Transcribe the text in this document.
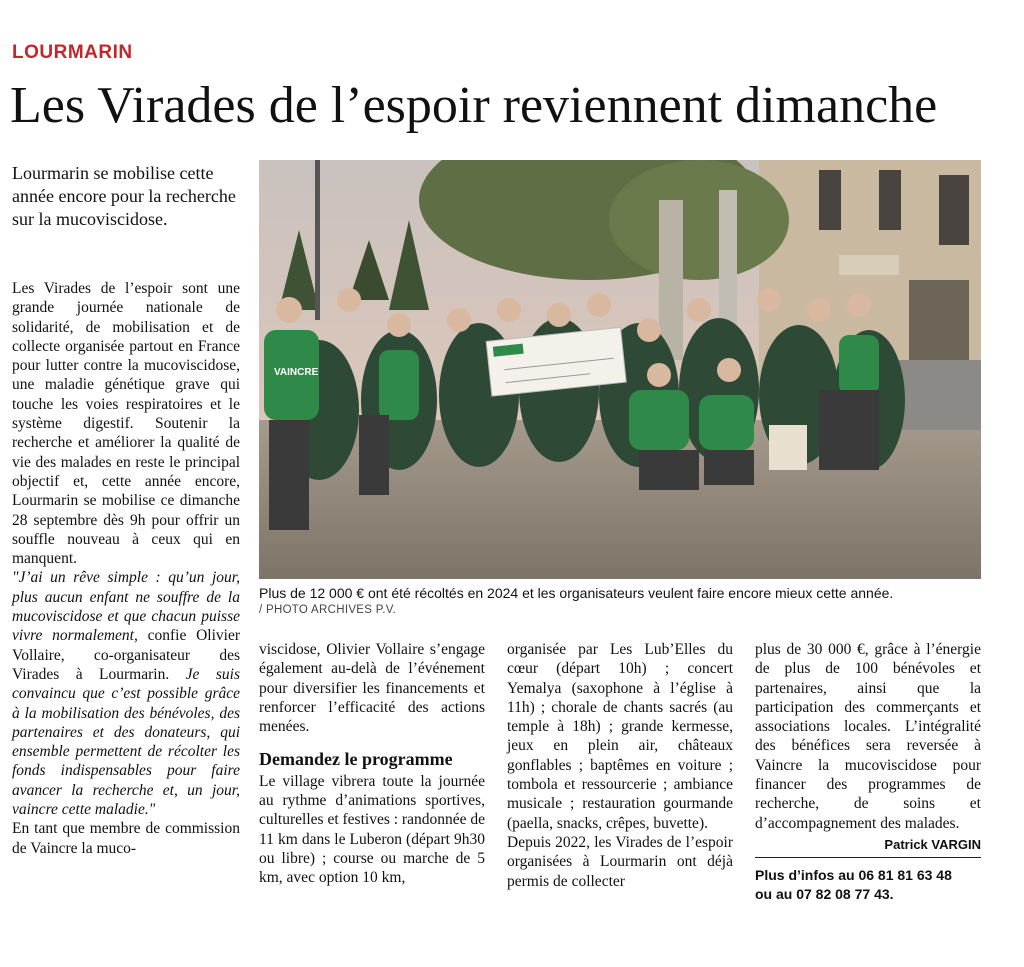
LOURMARIN
Les Virades de l’espoir reviennent dimanche
Lourmarin se mobilise cette année encore pour la recherche sur la mucoviscidose.

Les Virades de l’espoir sont une grande journée nationale de solidarité, de mobilisation et de collecte organisée partout en France pour lutter contre la mucoviscidose, une maladie génétique grave qui touche les voies respiratoires et le système digestif. Soutenir la recherche et améliorer la qualité de vie des malades en reste le principal objectif et, cette année encore, Lourmarin se mobilise ce dimanche 28 septembre dès 9h pour offrir un souffle nouveau à ceux qui en manquent.

"J’ai un rêve simple : qu’un jour, plus aucun enfant ne souffre de la mucoviscidose et que chacun puisse vivre normalement, confie Olivier Vollaire, co-organisateur des Virades à Lourmarin. Je suis convaincu que c’est possible grâce à la mobilisation des bénévoles, des partenaires et des donateurs, qui ensemble permettent de récolter les fonds indispensables pour faire avancer la recherche et, un jour, vaincre cette maladie."

En tant que membre de commission de Vaincre la muco-

VAINCRE
Plus de 12 000 € ont été récoltés en 2024 et les organisateurs veulent faire encore mieux cette année.
/ PHOTO ARCHIVES P.V.

viscidose, Olivier Vollaire s’engage également au-delà de l’événement pour diversifier les financements et renforcer l’efficacité des actions menées.

Demandez le programme

Le village vibrera toute la journée au rythme d’animations sportives, culturelles et festives : randonnée de 11 km dans le Luberon (départ 9h30 ou libre) ; course ou marche de 5 km, avec option 10 km,

organisée par Les Lub’Elles du cœur (départ 10h) ; concert Yemalya (saxophone à l’église à 11h) ; chorale de chants sacrés (au temple à 18h) ; grande kermesse, jeux en plein air, châteaux gonflables ; baptêmes en voiture ; tombola et ressourcerie ; ambiance musicale ; restauration gourmande (paella, snacks, crêpes, buvette).

Depuis 2022, les Virades de l’espoir organisées à Lourmarin ont déjà permis de collecter

plus de 30 000 €, grâce à l’énergie de plus de 100 bénévoles et partenaires, ainsi que la participation des commerçants et associations locales. L’intégralité des bénéfices sera reversée à Vaincre la mucoviscidose pour financer des programmes de recherche, de soins et d’accompagnement des malades.

Patrick VARGIN
Plus d’infos au 06 81 81 63 48
ou au 07 82 08 77 43.
